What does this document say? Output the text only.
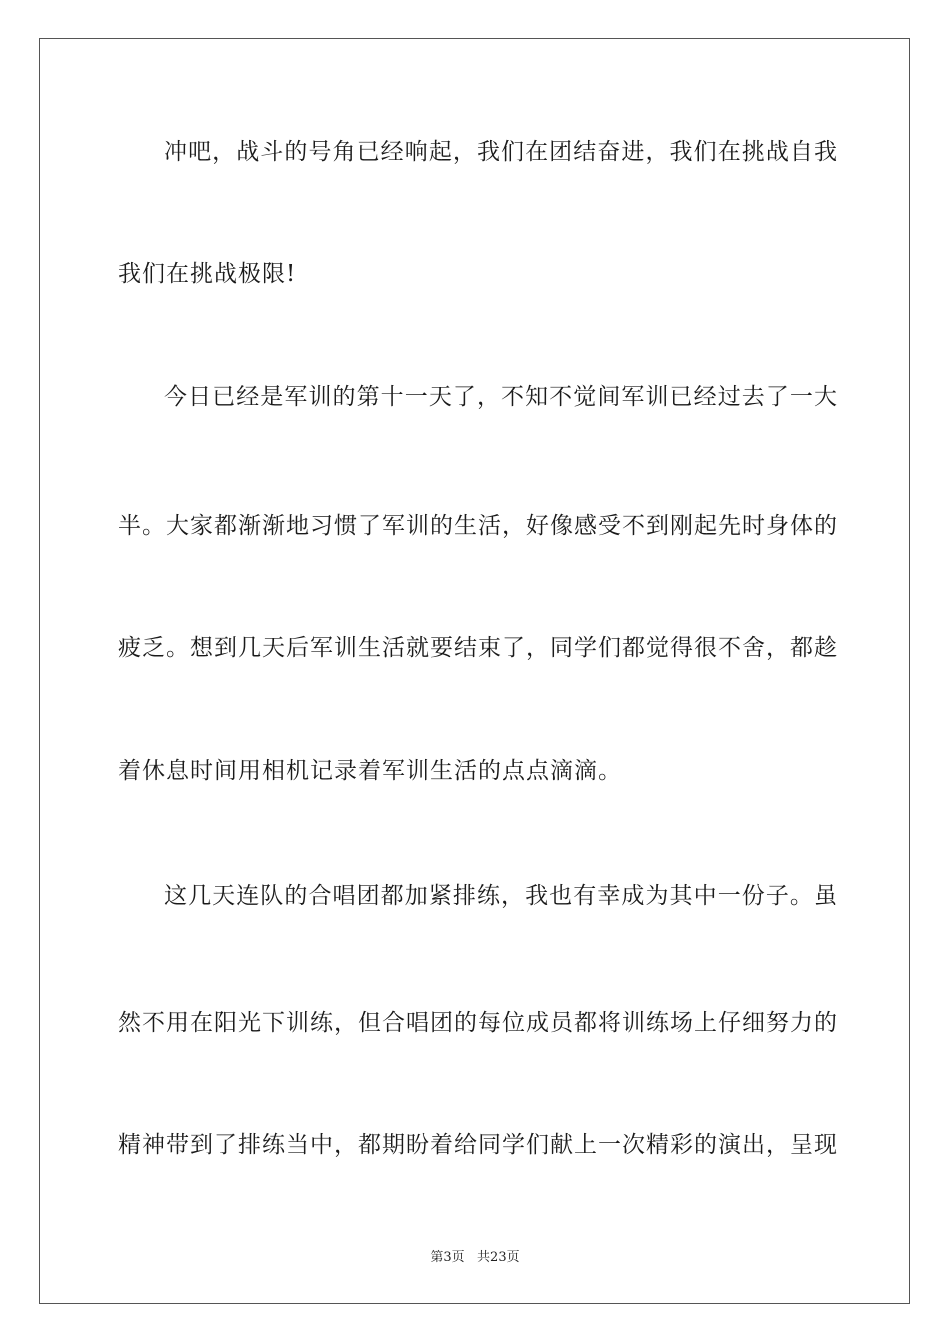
冲吧，战斗的号角已经响起，我们在团结奋进，我们在挑战自我
我们在挑战极限!
今日已经是军训的第十一天了，不知不觉间军训已经过去了一大
半。大家都渐渐地习惯了军训的生活，好像感受不到刚起先时身体的
疲乏。想到几天后军训生活就要结束了，同学们都觉得很不舍，都趁
着休息时间用相机记录着军训生活的点点滴滴。
这几天连队的合唱团都加紧排练，我也有幸成为其中一份子。虽
然不用在阳光下训练，但合唱团的每位成员都将训练场上仔细努力的
精神带到了排练当中，都期盼着给同学们献上一次精彩的演出，呈现
第3页   共23页
